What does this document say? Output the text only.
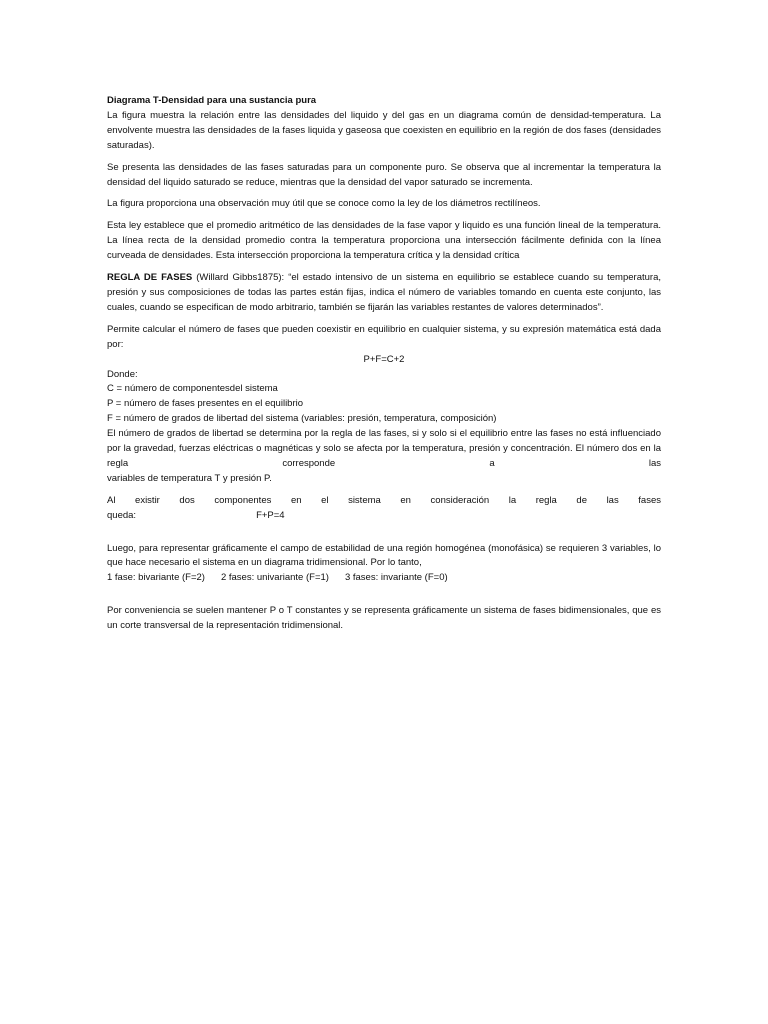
Diagrama T-Densidad para una sustancia pura
La figura muestra la relación entre las densidades del liquido y del gas en un diagrama común de densidad-temperatura. La envolvente muestra las densidades de la fases liquida y gaseosa que coexisten en equilibrio en la región de dos fases (densidades saturadas).

Se presenta las densidades de las fases saturadas para un componente puro. Se observa que al incrementar la temperatura la densidad del liquido saturado se reduce, mientras que la densidad del vapor saturado se incrementa.

La figura proporciona una observación muy útil que se conoce como la ley de los diámetros rectilíneos.

Esta ley establece que el promedio aritmético de las densidades de la fase vapor y liquido es una función lineal de la temperatura. La línea recta de la densidad promedio contra la temperatura proporciona una intersección fácilmente definida con la línea curveada de densidades. Esta intersección proporciona la temperatura crítica y la densidad crítica

REGLA DE FASES (Willard Gibbs1875): “el estado intensivo de un sistema en equilibrio se establece cuando su temperatura, presión y sus composiciones de todas las partes están fijas, indica el número de variables tomando en cuenta este conjunto, las cuales, cuando se especifican de modo arbitrario, también se fijarán las variables restantes de valores determinados”.

Permite calcular el número de fases que pueden coexistir en equilibrio en cualquier sistema, y su expresión matemática está dada por:

P+F=C+2
Donde:
C = número de componentesdel sistema
P = número de fases presentes en el equilibrio
F = número de grados de libertad del sistema (variables: presión, temperatura, composición)

El número de grados de libertad se determina por la regla de las fases, si y solo si el equilibrio entre las fases no está influenciado por la gravedad, fuerzas eléctricas o magnéticas y solo se afecta por la temperatura, presión y concentración. El número dos en la regla corresponde a las
variables de temperatura T y presión P.

Al existir dos componentes en el sistema en consideración la regla de las fases
queda:	F+P=4

Luego, para representar gráficamente el campo de estabilidad de una región homogénea (monofásica) se requieren 3 variables, lo que hace necesario el sistema en un diagrama tridimensional. Por lo tanto,

1 fase: bivariante (F=2) 2 fases: univariante (F=1) 3 fases: invariante (F=0)

Por conveniencia se suelen mantener P o T constantes y se representa gráficamente un sistema de fases bidimensionales, que es un corte transversal de la representación tridimensional.
